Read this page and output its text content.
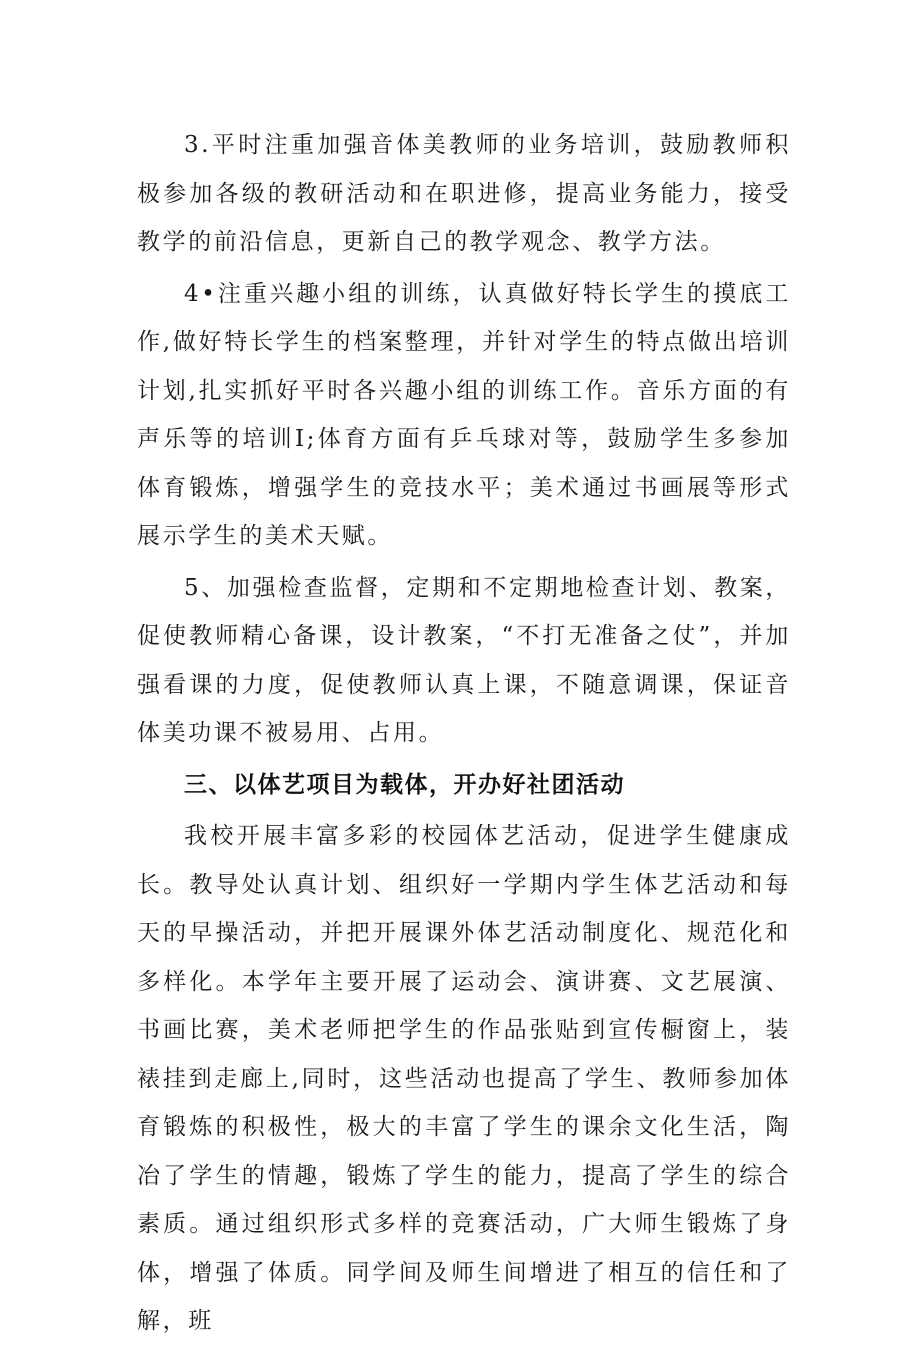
3.平时注重加强音体美教师的业务培训，鼓励教师积极参加各级的教研活动和在职进修，提高业务能力，接受教学的前沿信息，更新自己的教学观念、教学方法。

4•注重兴趣小组的训练，认真做好特长学生的摸底工作,做好特长学生的档案整理，并针对学生的特点做出培训计划,扎实抓好平时各兴趣小组的训练工作。音乐方面的有声乐等的培训I;体育方面有乒乓球对等，鼓励学生多参加体育锻炼，增强学生的竞技水平；美术通过书画展等形式展示学生的美术天赋。

5、加强检查监督，定期和不定期地检查计划、教案，促使教师精心备课，设计教案，“不打无准备之仗”，并加强看课的力度，促使教师认真上课，不随意调课，保证音体美功课不被易用、占用。

三、以体艺项目为载体，开办好社团活动

我校开展丰富多彩的校园体艺活动，促进学生健康成长。教导处认真计划、组织好一学期内学生体艺活动和每天的早操活动，并把开展课外体艺活动制度化、规范化和多样化。本学年主要开展了运动会、演讲赛、文艺展演、书画比赛，美术老师把学生的作品张贴到宣传橱窗上，装裱挂到走廊上,同时，这些活动也提高了学生、教师参加体育锻炼的积极性，极大的丰富了学生的课余文化生活，陶冶了学生的情趣，锻炼了学生的能力，提高了学生的综合素质。通过组织形式多样的竞赛活动，广大师生锻炼了身体，增强了体质。同学间及师生间增进了相互的信任和了解，班
